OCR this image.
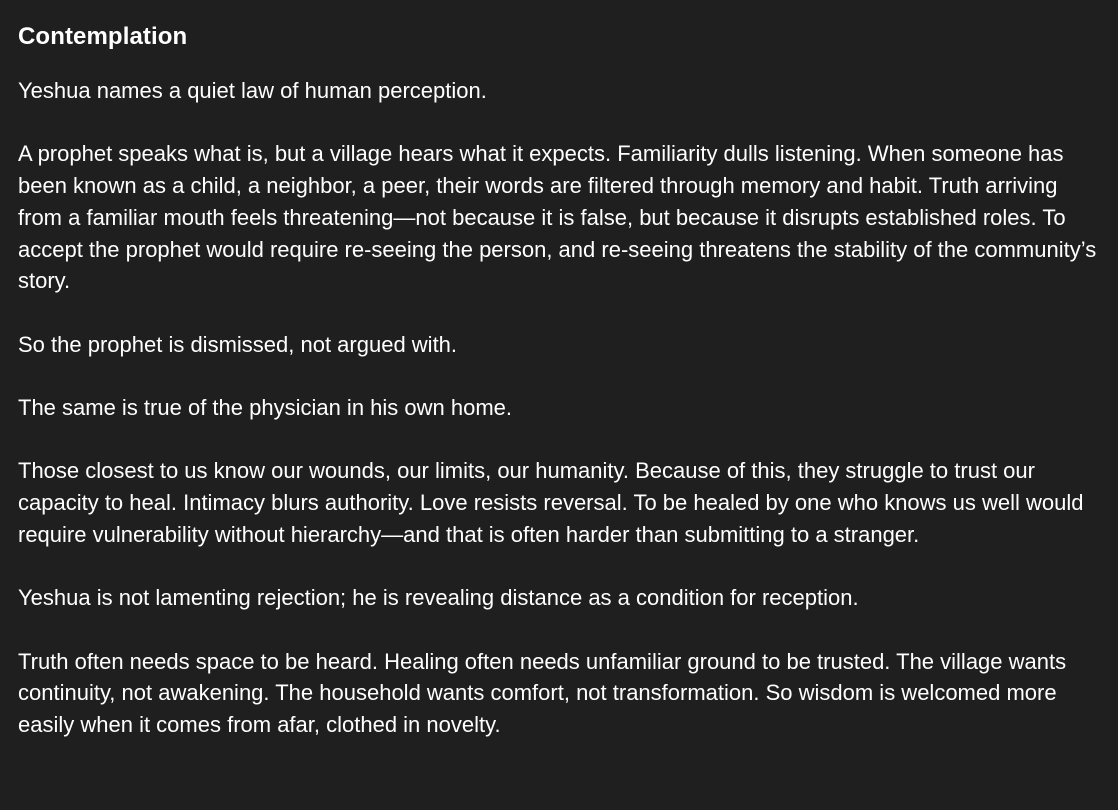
Contemplation

Yeshua names a quiet law of human perception.

A prophet speaks what is, but a village hears what it expects. Familiarity dulls listening. When someone has been known as a child, a neighbor, a peer, their words are filtered through memory and habit. Truth arriving from a familiar mouth feels threatening—not because it is false, but because it disrupts established roles. To accept the prophet would require re-seeing the person, and re-seeing threatens the stability of the community’s story.

So the prophet is dismissed, not argued with.

The same is true of the physician in his own home.

Those closest to us know our wounds, our limits, our humanity. Because of this, they struggle to trust our capacity to heal. Intimacy blurs authority. Love resists reversal. To be healed by one who knows us well would require vulnerability without hierarchy—and that is often harder than submitting to a stranger.

Yeshua is not lamenting rejection; he is revealing distance as a condition for reception.

Truth often needs space to be heard. Healing often needs unfamiliar ground to be trusted. The village wants continuity, not awakening. The household wants comfort, not transformation. So wisdom is welcomed more easily when it comes from afar, clothed in novelty.
